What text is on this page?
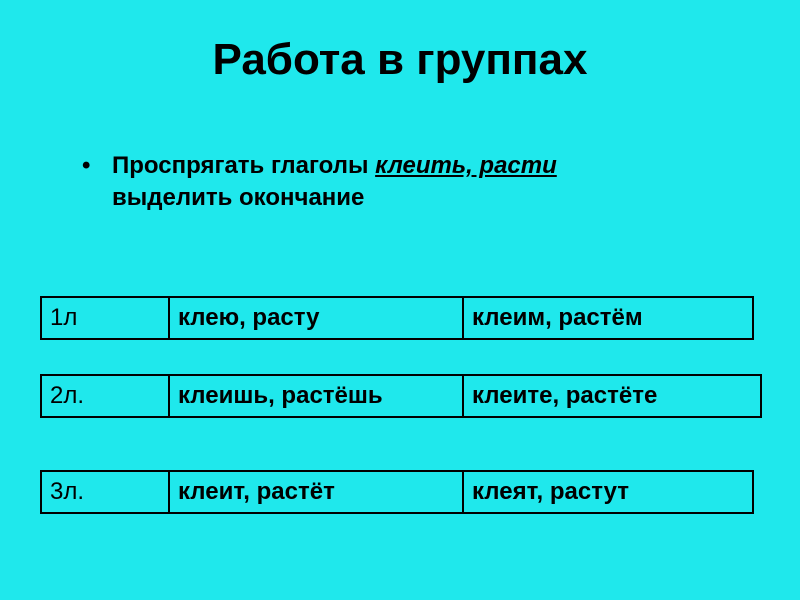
Работа в группах
• Проспрягать глаголы клеить, расти
выделить окончание
1л	клею, расту	клеим, растём
2л.	клеишь, растёшь	клеите, растёте
3л.	клеит, растёт	клеят, растут
